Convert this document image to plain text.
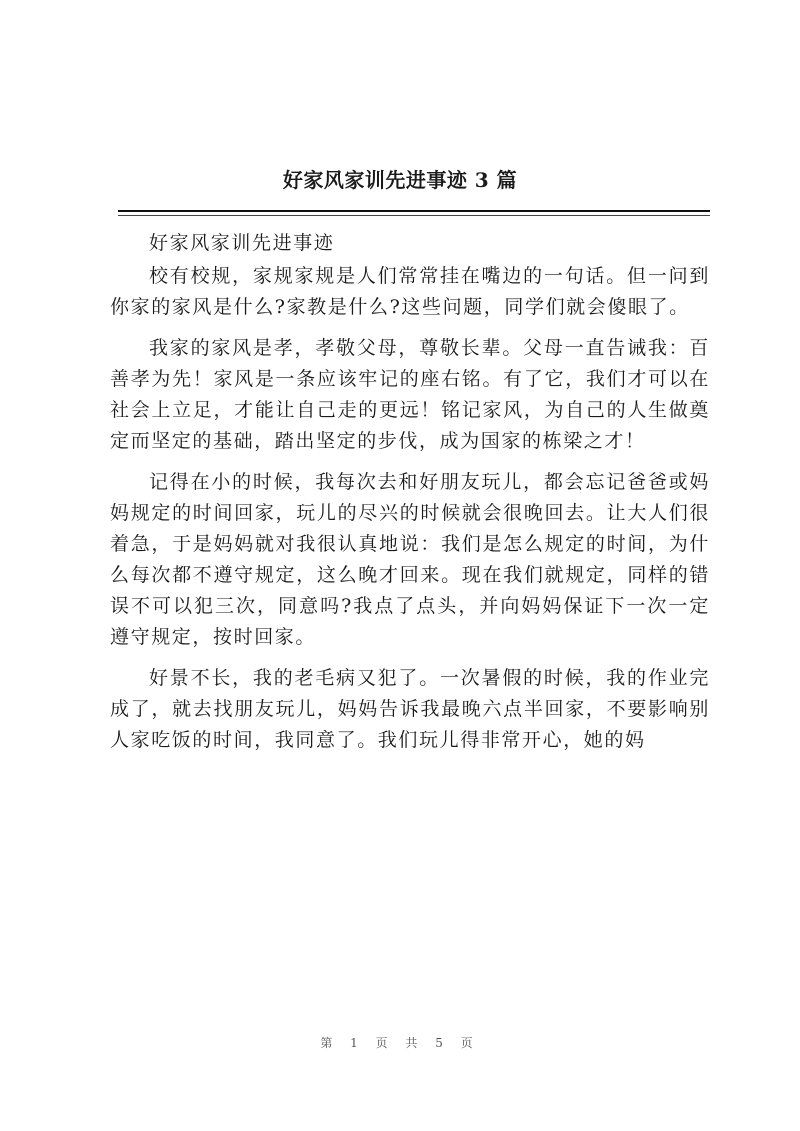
好家风家训先进事迹 3 篇

好家风家训先进事迹

校有校规，家规家规是人们常常挂在嘴边的一句话。但一问到你家的家风是什么?家教是什么?这些问题，同学们就会傻眼了。

我家的家风是孝，孝敬父母，尊敬长辈。父母一直告诫我：百善孝为先！家风是一条应该牢记的座右铭。有了它，我们才可以在社会上立足，才能让自己走的更远！铭记家风，为自己的人生做奠定而坚定的基础，踏出坚定的步伐，成为国家的栋梁之才！

记得在小的时候，我每次去和好朋友玩儿，都会忘记爸爸或妈妈规定的时间回家，玩儿的尽兴的时候就会很晚回去。让大人们很着急，于是妈妈就对我很认真地说：我们是怎么规定的时间，为什么每次都不遵守规定，这么晚才回来。现在我们就规定，同样的错误不可以犯三次，同意吗?我点了点头，并向妈妈保证下一次一定遵守规定，按时回家。

好景不长，我的老毛病又犯了。一次暑假的时候，我的作业完成了，就去找朋友玩儿，妈妈告诉我最晚六点半回家，不要影响别人家吃饭的时间，我同意了。我们玩儿得非常开心，她的妈

第 1 页 共 5 页
